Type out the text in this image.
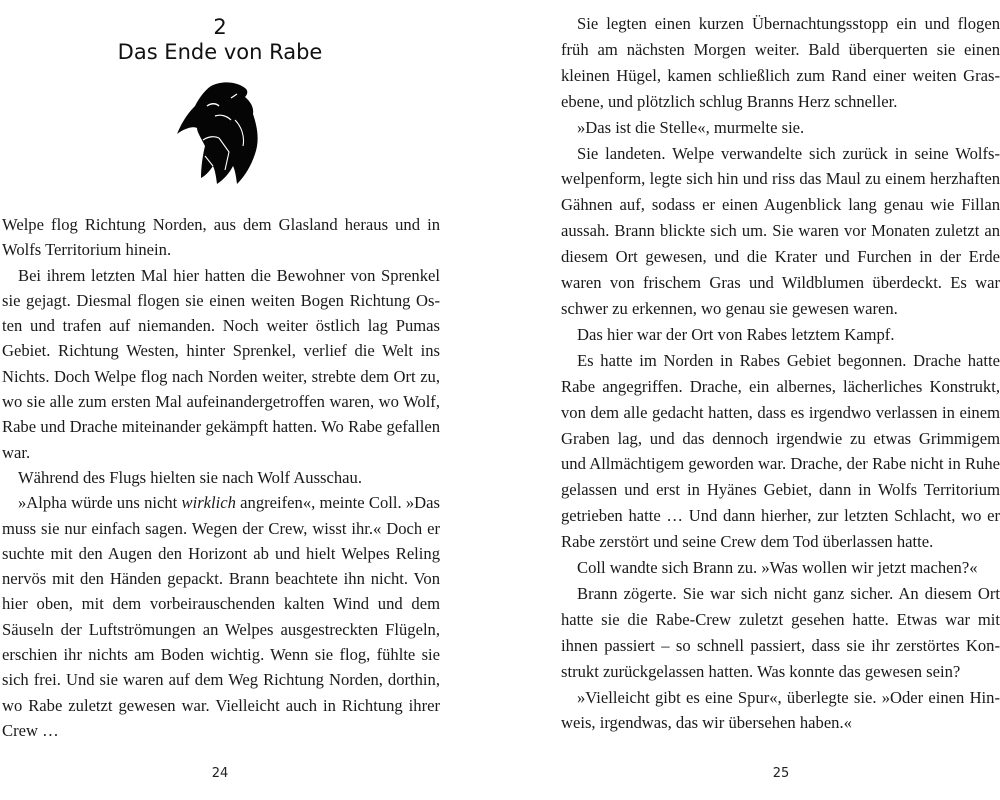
2
Das Ende von Rabe

Welpe flog Richtung Norden, aus dem Glasland heraus und in Wolfs Territorium hinein.

Bei ihrem letzten Mal hier hatten die Bewohner von Sprenkel sie gejagt. Diesmal flogen sie einen weiten Bogen Richtung Osten und trafen auf niemanden. Noch weiter östlich lag Pumas Gebiet. Richtung Westen, hinter Sprenkel, verlief die Welt ins Nichts. Doch Welpe flog nach Norden weiter, strebte dem Ort zu, wo sie alle zum ersten Mal aufeinandergetroffen waren, wo Wolf, Rabe und Drache miteinander gekämpft hatten. Wo Rabe gefallen war.

Während des Flugs hielten sie nach Wolf Ausschau.

»Alpha würde uns nicht wirklich angreifen«, meinte Coll. »Das muss sie nur einfach sagen. Wegen der Crew, wisst ihr.« Doch er suchte mit den Augen den Horizont ab und hielt Welpes Reling nervös mit den Händen gepackt. Brann beachtete ihn nicht. Von hier oben, mit dem vorbeirauschenden kalten Wind und dem Säuseln der Luftströmungen an Welpes ausgestreckten Flügeln, erschien ihr nichts am Boden wichtig. Wenn sie flog, fühlte sie sich frei. Und sie waren auf dem Weg Richtung Norden, dorthin, wo Rabe zuletzt gewesen war. Vielleicht auch in Richtung ihrer Crew …

24

Sie legten einen kurzen Übernachtungsstopp ein und flogen früh am nächsten Morgen weiter. Bald überquerten sie einen kleinen Hügel, kamen schließlich zum Rand einer weiten Grasebene, und plötzlich schlug Branns Herz schneller.

»Das ist die Stelle«, murmelte sie.

Sie landeten. Welpe verwandelte sich zurück in seine Wolfswelpenform, legte sich hin und riss das Maul zu einem herzhaften Gähnen auf, sodass er einen Augenblick lang genau wie Fillan aussah. Brann blickte sich um. Sie waren vor Monaten zuletzt an diesem Ort gewesen, und die Krater und Furchen in der Erde waren von frischem Gras und Wildblumen überdeckt. Es war schwer zu erkennen, wo genau sie gewesen waren.

Das hier war der Ort von Rabes letztem Kampf.

Es hatte im Norden in Rabes Gebiet begonnen. Drache hatte Rabe angegriffen. Drache, ein albernes, lächerliches Konstrukt, von dem alle gedacht hatten, dass es irgendwo verlassen in einem Graben lag, und das dennoch irgendwie zu etwas Grimmigem und Allmächtigem geworden war. Drache, der Rabe nicht in Ruhe gelassen und erst in Hyänes Gebiet, dann in Wolfs Territorium getrieben hatte … Und dann hierher, zur letzten Schlacht, wo er Rabe zerstört und seine Crew dem Tod überlassen hatte.

Coll wandte sich Brann zu. »Was wollen wir jetzt machen?«

Brann zögerte. Sie war sich nicht ganz sicher. An diesem Ort hatte sie die Rabe-Crew zuletzt gesehen hatte. Etwas war mit ihnen passiert – so schnell passiert, dass sie ihr zerstörtes Konstrukt zurückgelassen hatten. Was konnte das gewesen sein?

»Vielleicht gibt es eine Spur«, überlegte sie. »Oder einen Hinweis, irgendwas, das wir übersehen haben.«

25
